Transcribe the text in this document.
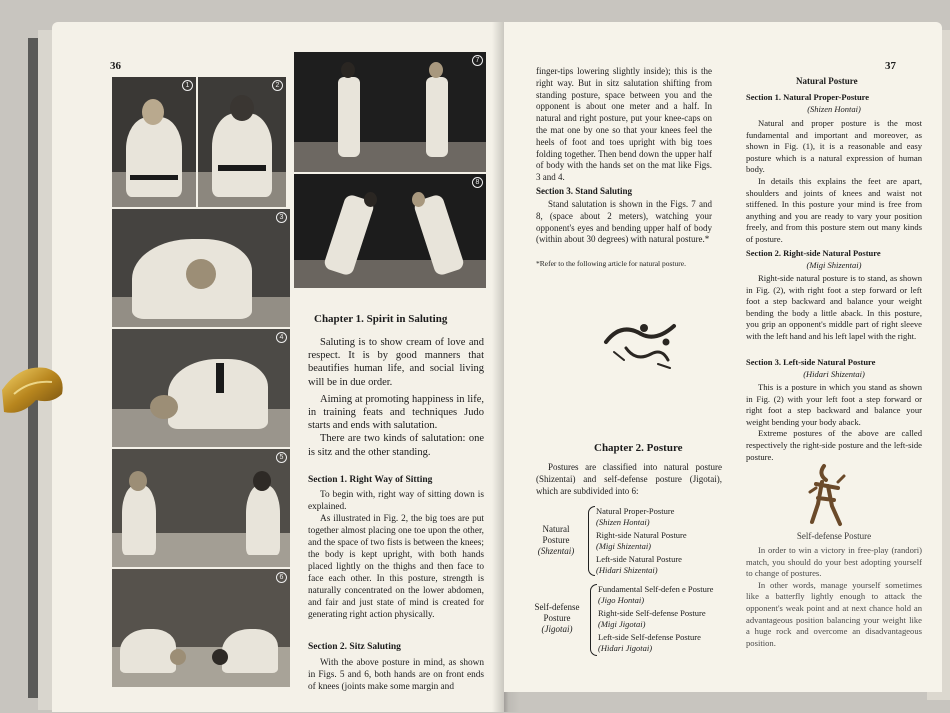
36
1	2
7
8
3
4
5
6
Chapter 1. Spirit in Saluting

Saluting is to show cream of love and respect. It is by good manners that beautifies human life, and social living will be in due order.

Aiming at promoting happiness in life, in training feats and techniques Judo starts and ends with salutation.

There are two kinds of salutation: one is sitz and the other standing.

Section 1. Right Way of Sitting

To begin with, right way of sitting down is explained.

As illustrated in Fig. 2, the big toes are put together almost placing one toe upon the other, and the space of two fists is between the knees; the body is kept upright, with both hands placed lightly on the thighs and then face to face each other. In this posture, strength is naturally concentrated on the lower abdomen, and fair and just state of mind is created for generating right action physically.

Section 2. Sitz Saluting

With the above posture in mind, as shown in Figs. 5 and 6, both hands are on front ends of knees (joints make some margin and

37

finger-tips lowering slightly inside); this is the right way. But in sitz salutation shifting from standing posture, space between you and the opponent is about one meter and a half. In natural and right posture, put your knee-caps on the mat one by one so that your knees feel the heels of foot and toes upright with big toes folding together. Then bend down the upper half of body with the hands set on the mat like Figs. 3 and 4.

Section 3. Stand Saluting

Stand salutation is shown in the Figs. 7 and 8, (space about 2 meters), watching your opponent's eyes and bending upper half of body (within about 30 degrees) with natural posture.*

*Refer to the following article for natural posture.
Chapter 2. Posture

Postures are classified into natural posture (Shizentai) and self-defense posture (Jigotai), which are subdivided into 6:

Natural
Posture
(Shzentai)
Natural Proper-Posture
(Shizen Hontai)
Right-side Natural Posture
(Migi Shizentai)
Left-side Natural Posture
(Hidari Shizentai)
Self-defense
Posture
(Jigotai)
Fundamental Self-defen e Posture
(Jigo Hontai)
Right-side Self-defense Posture
(Migi Jigotai)
Left-side Self-defense Posture
(Hidari Jigotai)
Natural Posture
Section 1. Natural Proper-Posture
(Shizen Hontai)

Natural and proper posture is the most fundamental and important and moreover, as shown in Fig. (1), it is a reasonable and easy posture which is a natural expression of human body.

In details this explains the feet are apart, shoulders and joints of knees and waist not stiffened. In this posture your mind is free from anything and you are ready to vary your position freely, and from this posture stem out many kinds of posture.

Section 2. Right-side Natural Posture
(Migi Shizentai)

Right-side natural posture is to stand, as shown in Fig. (2), with right foot a step forward or left foot a step backward and balance your weight bending the body a little aback. In this posture, you grip an opponent's middle part of right sleeve with the left hand and his left lapel with the right.

Section 3. Left-side Natural Posture
(Hidari Shizentai)

This is a posture in which you stand as shown in Fig. (2) with your left foot a step forward or right foot a step backward and balance your weight bending your body aback.

Extreme postures of the above are called respectively the right-side posture and the left-side posture.

Self-defense Posture

In order to win a victory in free-play (randori) match, you should do your best adopting yourself to change of postures.

In other words, manage yourself sometimes like a batterfly lightly enough to attack the opponent's weak point and at next chance hold an advantageous position balancing your weight like a huge rock and overcome an disadvantageous position.
